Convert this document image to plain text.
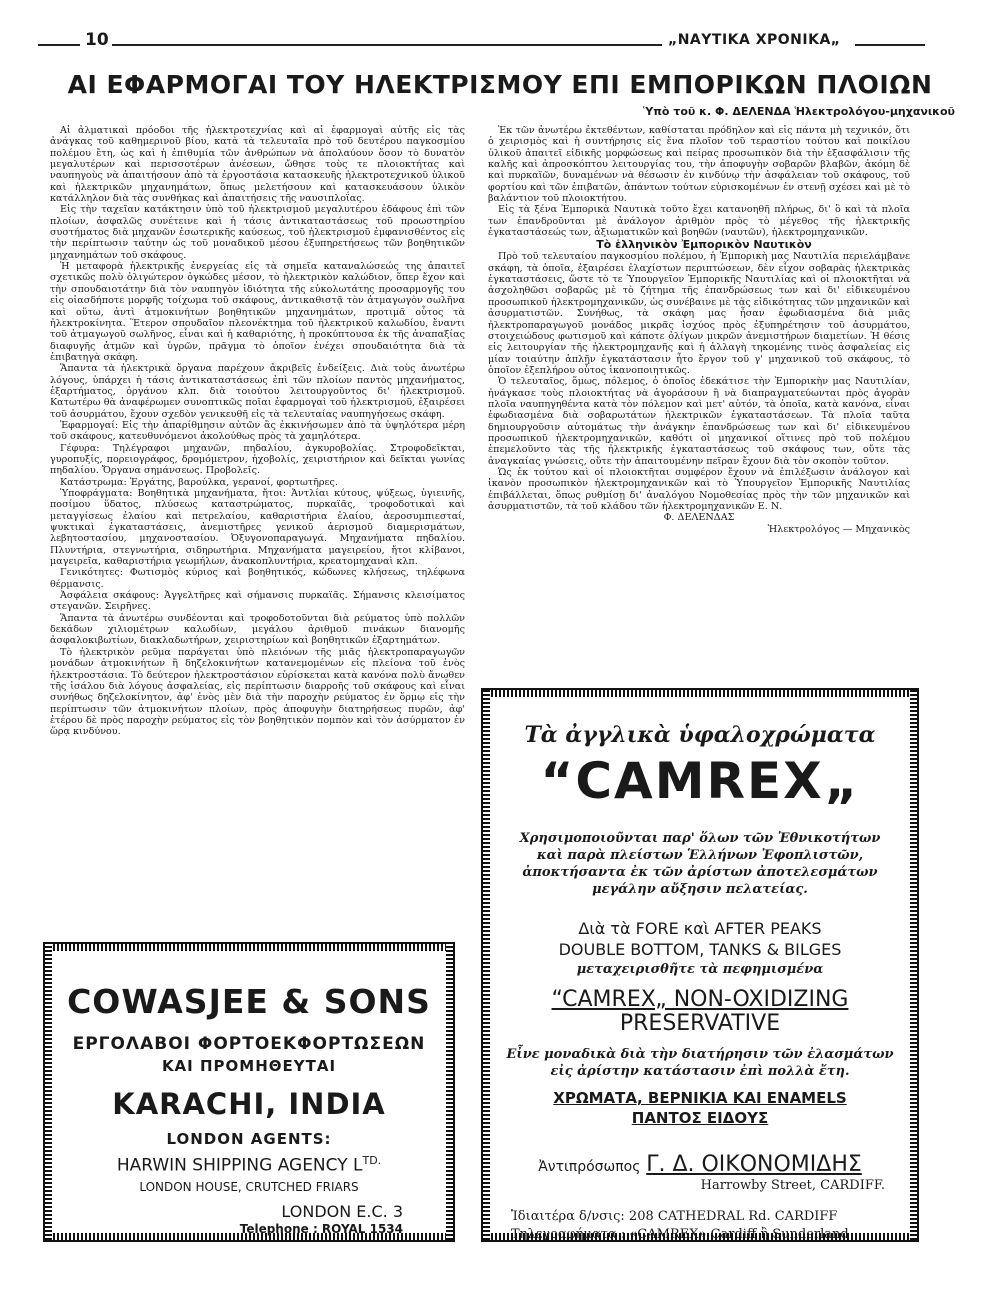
10	„ΝΑΥΤΙΚΑ ΧΡΟΝΙΚΑ„
ΑΙ ΕΦΑΡΜΟΓΑΙ ΤΟΥ ΗΛΕΚΤΡΙΣΜΟΥ ΕΠΙ ΕΜΠΟΡΙΚΩΝ ΠΛΟΙΩΝ
Ὑπὸ τοῦ κ. Φ. ΔΕΛΕΝΔΑ Ἡλεκτρολόγου-μηχανικοῦ

Αἱ ἀλματικαὶ πρόοδοι τῆς ἠλεκτροτεχνίας καὶ αἱ ἐφαρμογαὶ αὐτῆς εἰς τὰς ἀνάγκας τοῦ καθημερινοῦ βίου, κατὰ τὰ τελευταῖα πρὸ τοῦ δευτέρου παγκοσμίου πολέμου ἔτη, ὡς καὶ ἡ ἐπιθυμία τῶν ἀνθρώπων νὰ ἀπολαύουν ὅσον τὸ δυνατὸν μεγαλυτέρων καὶ περισσοτέρων ἀνέσεων, ὤθησε τοὺς τε πλοιοκτήτας καὶ ναυπηγοὺς νὰ ἀπαιτήσουν ἀπὸ τὰ ἐργοστάσια κατασκευῆς ἠλεκτροτεχνικοῦ ὑλικοῦ καὶ ἠλεκτρικῶν μηχανημάτων, ὅπως μελετήσουν καὶ κατασκευάσουν ὑλικὸν κατάλληλον διὰ τὰς συνθήκας καὶ ἀπαιτήσεις τῆς ναυσιπλοΐας.

Εἰς τὴν ταχεῖαν κατάκτησιν ὑπὸ τοῦ ἠλεκτρισμοῦ μεγαλυτέρου ἐδάφους ἐπὶ τῶν πλοίων, ἀσφαλῶς συνέτεινε καὶ ἡ τάσις ἀντικαταστάσεως τοῦ προωστηρίου συστήματος διὰ μηχανῶν ἐσωτερικῆς καύσεως, τοῦ ἠλεκτρισμοῦ ἐμφανισθέντος εἰς τὴν περίπτωσιν ταύτην ὡς τοῦ μοναδικοῦ μέσου ἐξυπηρετήσεως τῶν βοηθητικῶν μηχανημάτων τοῦ σκάφους.

Ἡ μεταφορὰ ἠλεκτρικῆς ἐνεργείας εἰς τὰ σημεῖα καταναλώσεώς της ἀπαιτεῖ σχετικῶς πολὺ ὀλιγώτερον ὀγκώδες μέσον, τὸ ἠλεκτρικὸν καλώδιον, ὅπερ ἔχον καὶ τὴν σπουδαιοτάτην διὰ τὸν ναυπηγὸν ἰδιότητα τῆς εὐκολωτάτης προσαρμογῆς του εἰς οἱασδήποτε μορφῆς τοίχωμα τοῦ σκάφους, ἀντικαθιστᾷ τὸν ἀτμαγωγὸν σωλῆνα καὶ οὕτω, ἀντὶ ἀτμοκινήτων βοηθητικῶν μηχανημάτων, προτιμᾶ οὗτος τὰ ἠλεκτροκίνητα. Ἕτερον σπουδαῖον πλεονέκτημα τοῦ ἠλεκτρικοῦ καλωδίου, ἔναντι τοῦ ἀτμαγωγοῦ σωλῆνος, εἶναι καὶ ἡ καθαριότης, ἡ προκύπτουσα ἐκ τῆς ἀναπαξίας διαφυγῆς ἀτμῶν καὶ ὑγρῶν, πρᾶγμα τὸ ὁποῖον ἐνέχει σπουδαιότητα διὰ τὰ ἐπιβατηγὰ σκάφη.

Ἅπαντα τὰ ἠλεκτρικὰ ὄργανα παρέχουν ἀκριβεῖς ἐνδείξεις. Διὰ τοὺς ἀνωτέρω λόγους, ὑπάρχει ἡ τάσις ἀντικαταστάσεως ἐπὶ τῶν πλοίων παντὸς μηχανήματος, ἐξαρτήματος, ὀργάνου κλπ. διὰ τοιούτου λειτουργοῦντος δι' ἠλεκτρισμοῦ. Κατωτέρω θὰ ἀναφέρωμεν συνοπτικῶς ποῖαι ἐφαρμογαὶ τοῦ ἠλεκτρισμοῦ, ἐξαιρέσει τοῦ ἀσυρμάτου, ἔχουν σχεδὸν γενικευθῆ εἰς τὰ τελευταίας ναυπηγήσεως σκάφη.

Ἐφαρμογαί: Εἰς τὴν ἀπαρίθμησιν αὐτῶν ἂς ἐκκινήσωμεν ἀπὸ τὰ ὑψηλότερα μέρη τοῦ σκάφους, κατευθυνόμενοι ἀκολούθως πρὸς τὰ χαμηλότερα.

Γέφυρα: Τηλέγραφοι μηχανῶν, πηδαλίου, ἀγκυροβολίας. Στροφοδεῖκται, γυροπυξίς, πορειογράφος, δρομόμετρον, ἠχοβολίς, χειριστήριον καὶ δεῖκται γωνίας πηδαλίου. Ὄργανα σημάνσεως. Προβολεῖς.

Κατάστρωμα: Ἐργάτης, βαρούλκα, γερανοί, φορτωτῆρες.

Ὑποφράγματα: Βοηθητικὰ μηχανήματα, ἤτοι: Ἀντλίαι κύτους, ψύξεως, ὑγιεινῆς, ποσίμου ὕδατος, πλύσεως καταστρώματος, πυρκαϊᾶς, τροφοδοτικαὶ καὶ μεταγγίσεως ἐλαίου καὶ πετρελαίου, καθαριστήρια ἐλαίου, ἀεροσυμπιεσταί, ψυκτικαὶ ἐγκαταστάσεις, ἀνεμιστῆρες γενικοῦ ἀερισμοῦ διαμερισμάτων, λεβητοστασίου, μηχανοστασίου. Ὀξυγονοπαραγωγά. Μηχανήματα πηδαλίου. Πλυντήρια, στεγνωτήρια, σιδηρωτήρια. Μηχανήματα μαγειρείου, ἤτοι κλίβανοι, μαγειρεῖα, καθαριστήρια γεωμήλων, ἀνακοπλυντήρια, κρεατομηχαναὶ κλπ.

Γενικότητες: Φωτισμὸς κύριος καὶ βοηθητικός, κώδωνες κλήσεως, τηλέφωνα θέρμανσις.

Ἀσφάλεια σκάφους: Ἀγγελτῆρες καὶ σήμανσις πυρκαϊᾶς. Σήμανσις κλεισίματος στεγανῶν. Σειρῆνες.

Ἅπαντα τὰ ἀνωτέρω συνδέονται καὶ τροφοδοτοῦνται διὰ ρεύματος ὑπὸ πολλῶν δεκάδων χιλιομέτρων καλωδίων, μεγάλου ἀριθμοῦ πινάκων διανομῆς ἀσφαλοκιβωτίων, διακλαδωτήρων, χειριστηρίων καὶ βοηθητικῶν ἐξαρτημάτων.

Τὸ ἠλεκτρικὸν ρεῦμα παράγεται ὑπὸ πλειόνων τῆς μιᾶς ἠλεκτροπαραγωγῶν μονάδων ἀτμοκινήτων ἢ δηζελοκινήτων κατανεμομένων εἰς πλείονα τοῦ ἑνὸς ἠλεκτροστάσια. Τὸ δεύτερον ἠλεκτροστάσιον εὑρίσκεται κατὰ κανόνα πολὺ ἄνωθεν τῆς ἰσάλου διὰ λόγους ἀσφαλείας, εἰς περίπτωσιν διαρροῆς τοῦ σκάφους καὶ εἶναι συνήθως δηζελοκίνητον, ἀφ' ἑνὸς μὲν διὰ τὴν παροχὴν ρεύματος ἐν ὅρμῳ εἰς τὴν περίπτωσιν τῶν ἀτμοκινήτων πλοίων, πρὸς ἀποφυγὴν διατηρήσεως πυρῶν, ἀφ' ἑτέρου δὲ πρὸς παροχὴν ρεύματος εἰς τὸν βοηθητικὸν πομπὸν καὶ τὸν ἀσύρματον ἐν ὥρᾳ κινδύνου.

Ἐκ τῶν ἀνωτέρω ἐκτεθέντων, καθίσταται πρόδηλον καὶ εἰς πάντα μὴ τεχνικόν, ὅτι ὁ χειρισμὸς καὶ ἡ συντήρησις εἰς ἕνα πλοῖον τοῦ τεραστίου τούτου καὶ ποικίλου ὑλικοῦ ἀπαιτεῖ εἰδικῆς μορφώσεως καὶ πείρας προσωπικὸν διὰ τὴν ἐξασφάλισιν τῆς καλῆς καὶ ἀπροσκόπτου λειτουργίας του, τὴν ἀποφυγὴν σοβαρῶν βλαβῶν, ἀκόμη δὲ καὶ πυρκαϊῶν, δυναμένων νὰ θέσωσιν ἐν κινδύνῳ τὴν ἀσφάλειαν τοῦ σκάφους, τοῦ φορτίου καὶ τῶν ἐπιβατῶν, ἁπάντων τούτων εὑρισκομένων ἐν στενῇ σχέσει καὶ μὲ τὸ βαλάντιον τοῦ πλοιοκτήτου.

Εἰς τὰ ξένα Ἐμπορικὰ Ναυτικὰ τοῦτο ἔχει κατανοηθῆ πλήρως, δι' ὃ καὶ τὰ πλοῖα των ἐπανδροῦνται μὲ ἀνάλογον ἀριθμὸν πρὸς τὸ μέγεθος τῆς ἠλεκτρικῆς ἐγκαταστάσεώς των, ἀξιωματικῶν καὶ βοηθῶν (ναυτῶν), ἠλεκτρομηχανικῶν.

Τὸ ἑλληνικὸν Ἐμπορικὸν Ναυτικὸν

Πρὸ τοῦ τελευταίου παγκοσμίου πολέμου, ἡ Ἐμπορικὴ μας Ναυτιλία περιελάμβανε σκάφη, τὰ ὁποῖα, ἐξαιρέσει ἐλαχίστων περιπτώσεων, δὲν εἶχον σοβαρὰς ἠλεκτρικὰς ἐγκαταστάσεις, ὥστε τὸ τε Ὑπουργεῖον Ἐμπορικῆς Ναυτιλίας καὶ οἱ πλοιοκτῆται νὰ ἀσχοληθῶσι σοβαρῶς μὲ τὸ ζήτημα τῆς ἐπανδρώσεως των καὶ δι' εἰδικευμένου προσωπικοῦ ἠλεκτρομηχανικῶν, ὡς συνέβαινε μὲ τὰς εἰδικότητας τῶν μηχανικῶν καὶ ἀσυρματιστῶν. Συνήθως, τὰ σκάφη μας ἦσαν ἐφωδιασμένα διὰ μιᾶς ἠλεκτροπαραγωγοῦ μονάδος μικρᾶς ἰσχύος πρὸς ἐξυπηρέτησιν τοῦ ἀσυρμάτου, στοιχειώδους φωτισμοῦ καὶ κάποτε ὀλίγων μικρῶν ἀνεμιστήρων διαμετίων. Ἡ θέσις εἰς λειτουργίαν τῆς ἠλεκτρομηχανῆς καὶ ἡ ἀλλαγὴ τηκομένης τινὸς ἀσφαλείας εἰς μίαν τοιαύτην ἁπλῆν ἐγκατάστασιν ἦτο ἔργον τοῦ γ' μηχανικοῦ τοῦ σκάφους, τὸ ὁποῖον ἐξεπλήρου οὗτος ἱκανοποιητικῶς.

Ὁ τελευταῖος, ὅμως, πόλεμος, ὁ ὁποῖος ἐδεκάτισε τὴν Ἐμπορικὴν μας Ναυτιλίαν, ἠνάγκασε τοὺς πλοιοκτήτας νὰ ἀγοράσουν ἢ νὰ διαπραγματεύωνται πρὸς ἀγορὰν πλοῖα ναυπηγηθέντα κατὰ τὸν πόλεμον καὶ μετ' αὐτόν, τὰ ὁποῖα, κατὰ κανόνα, εἶναι ἐφωδιασμένα διὰ σοβαρωτάτων ἠλεκτρικῶν ἐγκαταστάσεων. Τὰ πλοῖα ταῦτα δημιουργοῦσιν αὐτομάτως τὴν ἀνάγκην ἐπανδρώσεως των καὶ δι' εἰδικευμένου προσωπικοῦ ἠλεκτρομηχανικῶν, καθότι οἱ μηχανικοί οἵτινες πρὸ τοῦ πολέμου ἐπεμελοῦντο τὰς τῆς ἠλεκτρικῆς ἐγκαταστάσεως τοῦ σκάφους των, οὔτε τὰς ἀναγκαίας γνώσεις, οὔτε τὴν ἀπαιτουμένην πεῖραν ἔχουν διὰ τὸν σκοπὸν τοῦτον.

Ὡς ἐκ τούτου καὶ οἱ πλοιοκτῆται συμφέρον ἔχουν νὰ ἐπιλέξωσιν ἀνάλογον καὶ ἱκανὸν προσωπικὸν ἠλεκτρομηχανικῶν καὶ τὸ Ὑπουργεῖον Ἐμπορικῆς Ναυτιλίας ἐπιβάλλεται, ὅπως ρυθμίσῃ δι' ἀναλόγου Νομοθεσίας πρὸς τὴν τῶν μηχανικῶν καὶ ἀσυρματιστῶν, τὰ τοῦ κλάδου τῶν ἠλεκτρομηχανικῶν Ε. Ν.

Φ. ΔΕΛΕΝΔΑΣ

Ἠλεκτρολόγος — Μηχανικὸς

COWASJEE & SONS
ΕΡΓΟΛΑΒΟΙ ΦΟΡΤΟΕΚΦΟΡΤΩΣΕΩΝ
ΚΑΙ ΠΡΟΜΗΘΕΥΤΑΙ
KARACHI, INDIA
LONDON AGENTS:
HARWIN SHIPPING AGENCY $L^{TD.}$
LONDON HOUSE, CRUTCHED FRIARS
LONDON E.C. 3
Telephone : ROYAL 1534
Τὰ ἀγγλικὰ ὑφαλοχρώματα
“CAMREX„
Χρησιμοποιοῦνται παρ' ὅλων τῶν Ἐθνικοτήτων καὶ παρὰ πλείστων Ἑλλήνων Ἐφοπλιστῶν, ἀποκτήσαντα ἐκ τῶν ἀρίστων ἀποτελεσμάτων μεγάλην αὔξησιν πελατείας.
Διὰ τὰ FORE καὶ AFTER PEAKS
DOUBLE BOTTOM, TANKS & BILGES
μεταχειρισθῆτε τὰ πεφημισμένα
“CAMREX„ NON-OXIDIZING
PRESERVATIVE
Εἶνε μοναδικὰ διὰ τὴν διατήρησιν τῶν ἐλασμάτων
εἰς ἀρίστην κατάστασιν ἐπὶ πολλὰ ἔτη.
ΧΡΩΜΑΤΑ, ΒΕΡΝΙΚΙΑ ΚΑΙ ENAMELS
ΠΑΝΤΟΣ ΕΙΔΟΥΣ
Ἀντιπρόσωπος Γ. Δ. ΟΙΚΟΝΟΜΙΔΗΣ
Harrowby Street, CARDIFF.
Ἰδιαιτέρα δ/νσις: 208 CATHEDRAL Rd. CARDIFF
Τηλεγραφήματα : «CAMREX» Cardiff ἢ Sunderland
